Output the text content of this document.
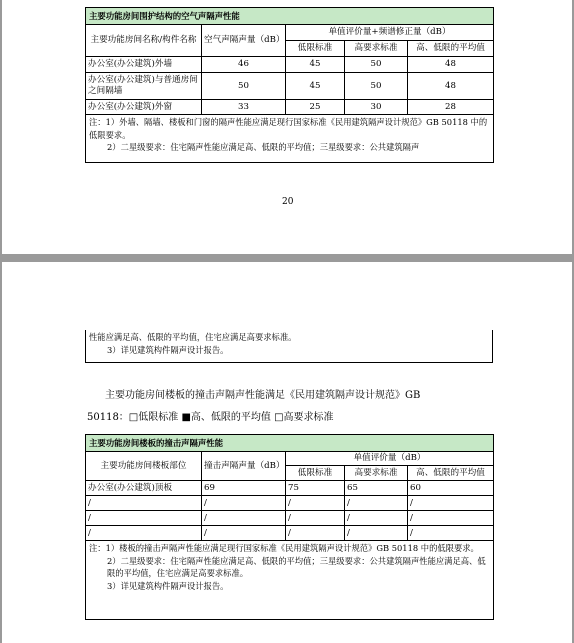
主要功能房间围护结构的空气声隔声性能				
主要功能房间名称/构件名称	空气声隔声量（dB）	单值评价量+频谱修正量（dB）		
		低限标准	高要求标准	高、低限的平均值
办公室(办公建筑)外墙	46	45	50	48
办公室(办公建筑)与普通房间之间隔墙	50	45	50	48
办公室(办公建筑)外窗	33	25	30	28

注：1）外墙、隔墙、楼板和门窗的隔声性能应满足现行国家标准《民用建筑隔声设计规范》GB 50118 中的低限要求。
2）二星级要求：住宅隔声性能应满足高、低限的平均值；三星级要求：公共建筑隔声				
20
性能应满足高、低限的平均值，住宅应满足高要求标准。
3）详见建筑构件隔声设计报告。
主要功能房间楼板的撞击声隔声性能满足《民用建筑隔声设计规范》GB
50118：□低限标准 ■高、低限的平均值 □高要求标准
主要功能房间楼板的撞击声隔声性能				
主要功能房间楼板部位	撞击声隔声量（dB）	单值评价量（dB）		
		低限标准	高要求标准	高、低限的平均值
办公室(办公建筑)顶板	69	75	65	60
/	/	/	/	/
/	/	/	/	/
/	/	/	/	/

注：1）楼板的撞击声隔声性能应满足现行国家标准《民用建筑隔声设计规范》GB 50118 中的低限要求。
2）二星级要求：住宅隔声性能应满足高、低限的平均值；三星级要求：公共建筑隔声性能应满足高、低限的平均值，住宅应满足高要求标准。
3）详见建筑构件隔声设计报告。				
